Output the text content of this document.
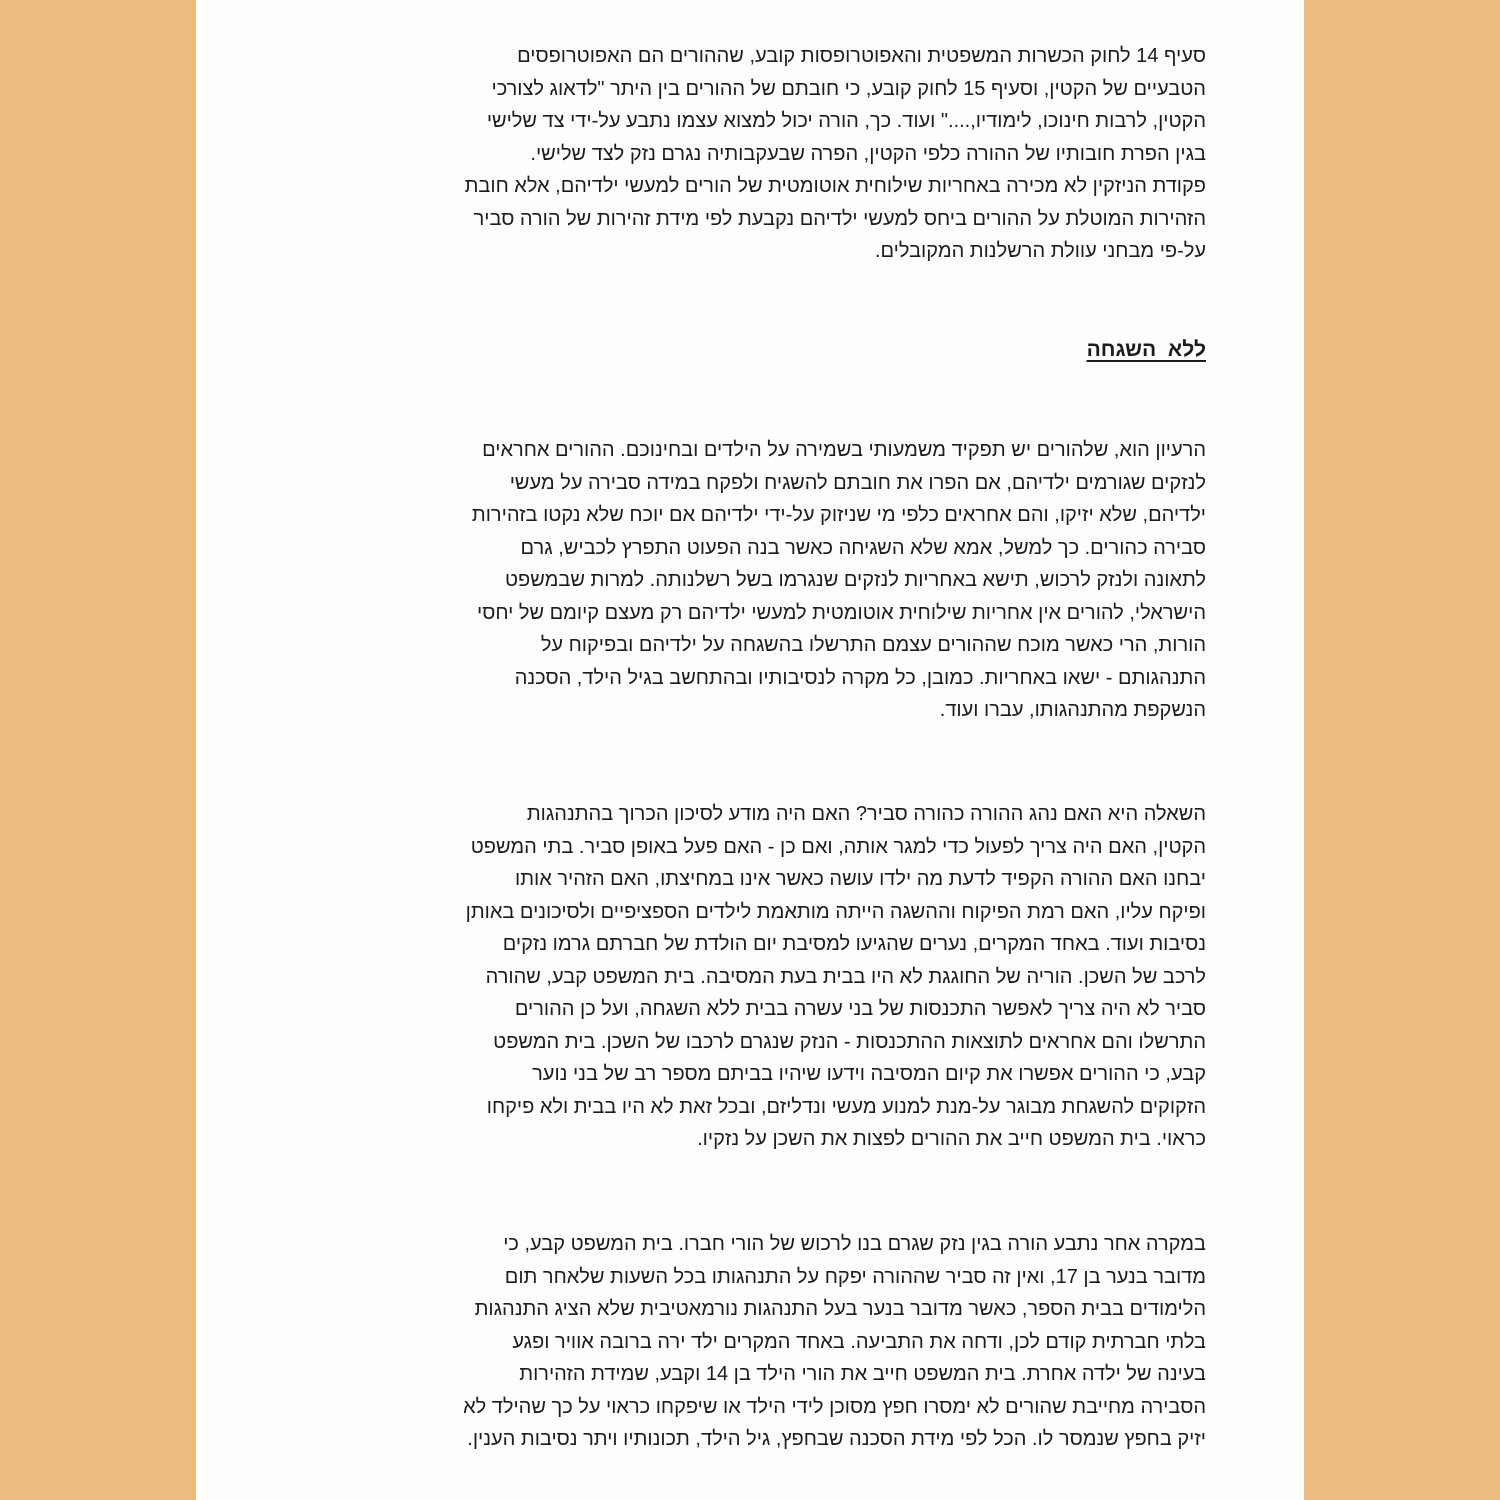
סעיף 14 לחוק הכשרות המשפטית והאפוטרופסות קובע, שההורים הם האפוטרופסים
הטבעיים של הקטין, וסעיף 15 לחוק קובע, כי חובתם של ההורים בין היתר "לדאוג לצורכי
הקטין, לרבות חינוכו, לימודיו,...." ועוד. כך, הורה יכול למצוא עצמו נתבע על-ידי צד שלישי
בגין הפרת חובותיו של ההורה כלפי הקטין, הפרה שבעקבותיה נגרם נזק לצד שלישי.
פקודת הניזקין לא מכירה באחריות שילוחית אוטומטית של הורים למעשי ילדיהם, אלא חובת
הזהירות המוטלת על ההורים ביחס למעשי ילדיהם נקבעת לפי מידת זהירות של הורה סביר
על-פי מבחני עוולת הרשלנות המקובלים.

ללא  השגחה

הרעיון הוא, שלהורים יש תפקיד משמעותי בשמירה על הילדים ובחינוכם. ההורים אחראים
לנזקים שגורמים ילדיהם, אם הפרו את חובתם להשגיח ולפקח במידה סבירה על מעשי
ילדיהם, שלא יזיקו, והם אחראים כלפי מי שניזוק על-ידי ילדיהם אם יוכח שלא נקטו בזהירות
סבירה כהורים. כך למשל, אמא שלא השגיחה כאשר בנה הפעוט התפרץ לכביש, גרם
לתאונה ולנזק לרכוש, תישא באחריות לנזקים שנגרמו בשל רשלנותה. למרות שבמשפט
הישראלי, להורים אין אחריות שילוחית אוטומטית למעשי ילדיהם רק מעצם קיומם של יחסי
הורות, הרי כאשר מוכח שההורים עצמם התרשלו בהשגחה על ילדיהם ובפיקוח על
התנהגותם - ישאו באחריות. כמובן, כל מקרה לנסיבותיו ובהתחשב בגיל הילד, הסכנה
הנשקפת מהתנהגותו, עברו ועוד.

השאלה היא האם נהג ההורה כהורה סביר? האם היה מודע לסיכון הכרוך בהתנהגות
הקטין, האם היה צריך לפעול כדי למגר אותה, ואם כן - האם פעל באופן סביר. בתי המשפט
יבחנו האם ההורה הקפיד לדעת מה ילדו עושה כאשר אינו במחיצתו, האם הזהיר אותו
ופיקח עליו, האם רמת הפיקוח וההשגה הייתה מותאמת לילדים הספציפיים ולסיכונים באותן
נסיבות ועוד. באחד המקרים, נערים שהגיעו למסיבת יום הולדת של חברתם גרמו נזקים
לרכב של השכן. הוריה של החוגגת לא היו בבית בעת המסיבה. בית המשפט קבע, שהורה
סביר לא היה צריך לאפשר התכנסות של בני עשרה בבית ללא השגחה, ועל כן ההורים
התרשלו והם אחראים לתוצאות ההתכנסות - הנזק שנגרם לרכבו של השכן. בית המשפט
קבע, כי ההורים אפשרו את קיום המסיבה וידעו שיהיו בביתם מספר רב של בני נוער
הזקוקים להשגחת מבוגר על-מנת למנוע מעשי ונדליזם, ובכל זאת לא היו בבית ולא פיקחו
כראוי. בית המשפט חייב את ההורים לפצות את השכן על נזקיו.

במקרה אחר נתבע הורה בגין נזק שגרם בנו לרכוש של הורי חברו. בית המשפט קבע, כי
מדובר בנער בן 17, ואין זה סביר שההורה יפקח על התנהגותו בכל השעות שלאחר תום
הלימודים בבית הספר, כאשר מדובר בנער בעל התנהגות נורמאטיבית שלא הציג התנהגות
בלתי חברתית קודם לכן, ודחה את התביעה. באחד המקרים ילד ירה ברובה אוויר ופגע
בעינה של ילדה אחרת. בית המשפט חייב את הורי הילד בן 14 וקבע, שמידת הזהירות
הסבירה מחייבת שהורים לא ימסרו חפץ מסוכן לידי הילד או שיפקחו כראוי על כך שהילד לא
יזיק בחפץ שנמסר לו. הכל לפי מידת הסכנה שבחפץ, גיל הילד, תכונותיו ויתר נסיבות הענין.
